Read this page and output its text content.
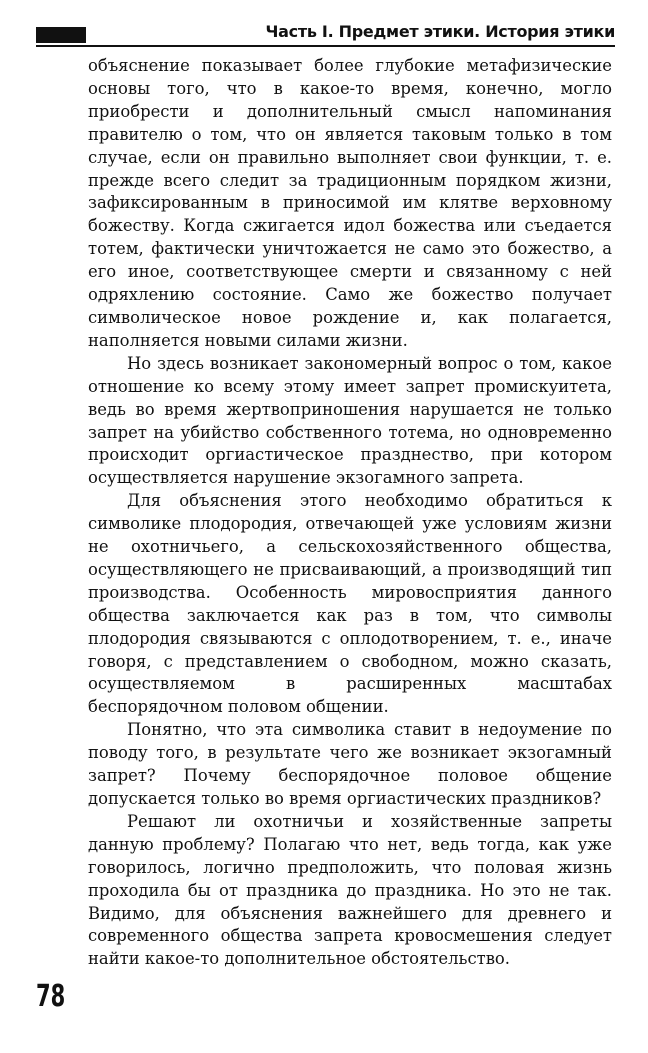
Часть I. Предмет этики. История этики

объяснение показывает более глубокие метафизические основы того, что в какое-то время, конечно, могло приобрести и дополнительный смысл напоминания правителю о том, что он является таковым только в том случае, если он правильно выполняет свои функции, т. е. прежде всего следит за традиционным порядком жизни, зафиксированным в приносимой им клятве верховному божеству. Когда сжигается идол божества или съедается тотем, фактически уничтожается не само это божество, а его иное, соответствующее смерти и связанному с ней одряхлению состояние. Само же божество получает символическое новое рождение и, как полагается, наполняется новыми силами жизни.

Но здесь возникает закономерный вопрос о том, какое отношение ко всему этому имеет запрет промискуитета, ведь во время жертвоприношения нарушается не только запрет на убийство собственного тотема, но одновременно происходит оргиастическое празднество, при котором осуществляется нарушение экзогамного запрета.

Для объяснения этого необходимо обратиться к символике плодородия, отвечающей уже условиям жизни не охотничьего, а сельскохозяйственного общества, осуществляющего не присваивающий, а производящий тип производства. Особенность мировосприятия данного общества заключается как раз в том, что символы плодородия связываются с оплодотворением, т. е., иначе говоря, с представлением о свободном, можно сказать, осуществляемом в расширенных масштабах беспорядочном половом общении.

Понятно, что эта символика ставит в недоумение по поводу того, в результате чего же возникает экзогамный запрет? Почему беспорядочное половое общение допускается только во время оргиастических праздников?

Решают ли охотничьи и хозяйственные запреты данную проблему? Полагаю что нет, ведь тогда, как уже говорилось, логично предположить, что половая жизнь проходила бы от праздника до праздника. Но это не так. Видимо, для объяснения важнейшего для древнего и современного общества запрета кровосмешения следует найти какое-то дополнительное обстоятельство.

78
